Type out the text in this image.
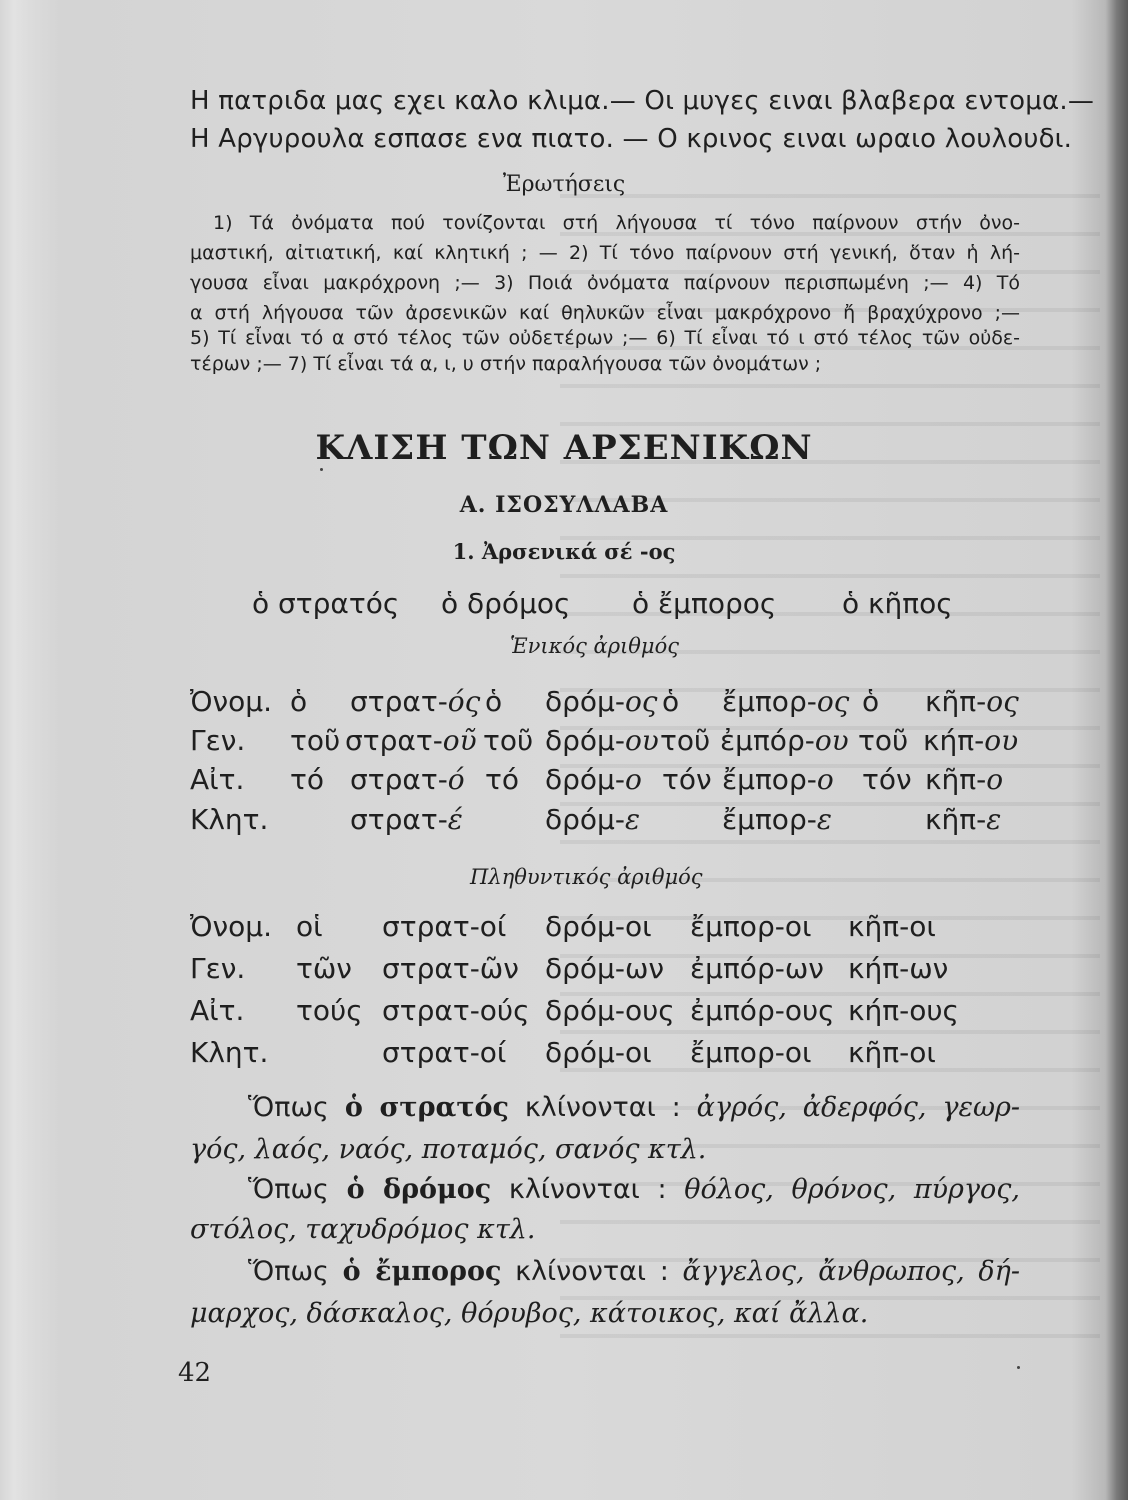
Η πατριδα μας εχει καλο κλιμα.— Οι μυγες ειναι βλαβερα εντομα.—
Η Αργυρουλα εσπασε ενα πιατο. — Ο κρινος ειναι ωραιο λουλουδι.
Ἐρωτήσεις
1) Τά ὀνόματα πού τονίζονται στή λήγουσα τί τόνο παίρνουν στήν ὀνο-
μαστική, αἰτιατική, καί κλητική ; — 2) Τί τόνο παίρνουν στή γενική, ὅταν ἡ λή-
γουσα εἶναι μακρόχρονη ;— 3) Ποιά ὀνόματα παίρνουν περισπωμένη ;— 4) Τό
α στή λήγουσα τῶν ἀρσενικῶν καί θηλυκῶν εἶναι μακρόχρονο ἤ βραχύχρονο ;—
5) Τί εἶναι τό α στό τέλος τῶν οὐδετέρων ;— 6) Τί εἶναι τό ι στό τέλος τῶν οὐδε-
τέρων ;— 7) Τί εἶναι τά α, ι, υ στήν παραλήγουσα τῶν ὀνομάτων ;
ΚΛΙΣΗ ΤΩΝ ΑΡΣΕΝΙΚΩΝ
Α. ΙΣΟΣΥΛΛΑΒΑ
1. Ἀρσενικά σέ -ος
ὁ στρατός ὁ δρόμος ὁ ἔμπορος ὁ κῆπος
Ἑνικός ἀριθμός
Ὀνομ. ὁ στρατ-ός ὁ δρόμ-ος ὁ ἔμπορ-ος ὁ κῆπ-ος
Γεν. τοῦ στρατ-οῦ τοῦ δρόμ-ου τοῦ ἐμπόρ-ου τοῦ κήπ-ου
Αἰτ. τό στρατ-ό τό δρόμ-ο τόν ἔμπορ-ο τόν κῆπ-ο
Κλητ.	στρατ-έ	δρόμ-ε	ἔμπορ-ε	κῆπ-ε
Πληθυντικός ἀριθμός
Ὀνομ. οἱ στρατ-οί δρόμ-οι ἔμπορ-οι κῆπ-οι
Γεν. τῶν στρατ-ῶν δρόμ-ων ἐμπόρ-ων κήπ-ων
Αἰτ. τούς στρατ-ούς δρόμ-ους ἐμπόρ-ους κήπ-ους
Κλητ.	στρατ-οί δρόμ-οι ἔμπορ-οι κῆπ-οι
Ὅπως ὁ στρατός κλίνονται : ἀγρός, ἀδερφός, γεωρ-
γός, λαός, ναός, ποταμός, σανός κτλ.
Ὅπως ὁ δρόμος κλίνονται : θόλος, θρόνος, πύργος,
στόλος, ταχυδρόμος κτλ.
Ὅπως ὁ ἔμπορος κλίνονται : ἄγγελος, ἄνθρωπος, δή-
μαρχος, δάσκαλος, θόρυβος, κάτοικος, καί ἄλλα.
42
